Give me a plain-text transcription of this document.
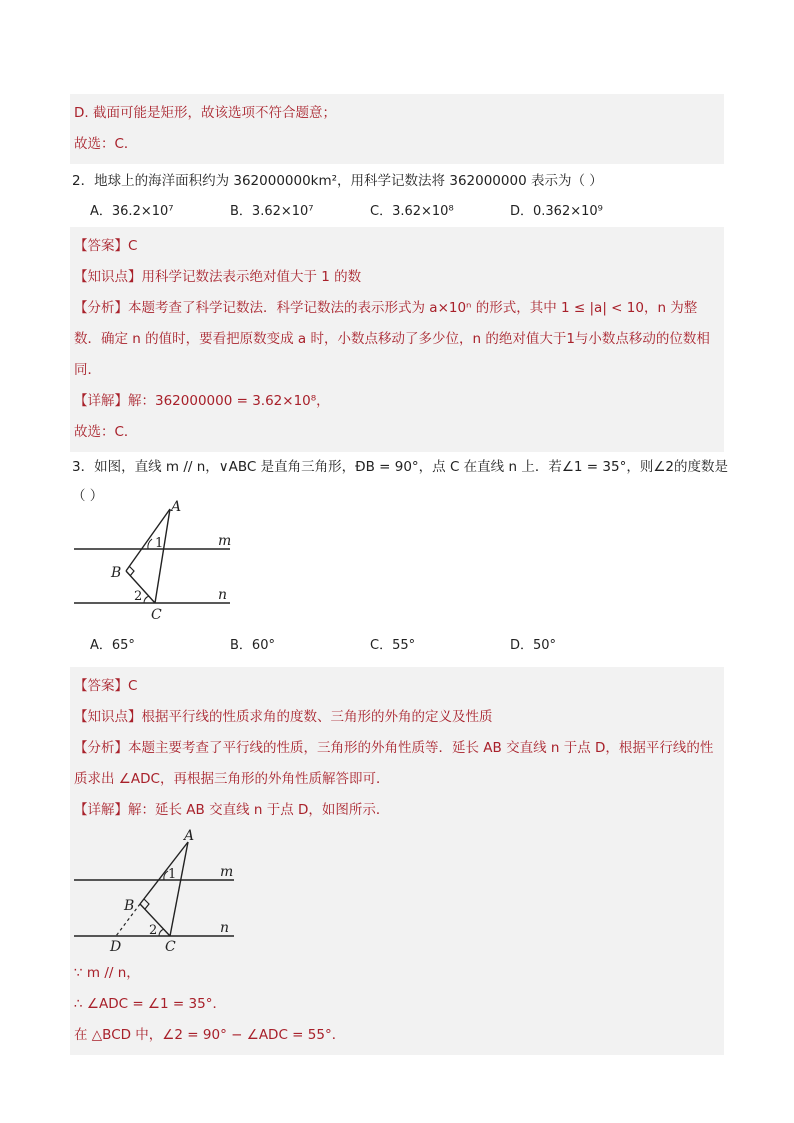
D. 截面可能是矩形，故该选项不符合题意；
故选：C．
2．地球上的海洋面积约为 362000000km²，用科学记数法将 362000000 表示为（ ）
A．36.2×10⁷	B．3.62×10⁷	C．3.62×10⁸	D．0.362×10⁹
【答案】C
【知识点】用科学记数法表示绝对值大于 1 的数
【分析】本题考查了科学记数法．科学记数法的表示形式为 a×10ⁿ 的形式，其中 1 ≤ |a| < 10，n 为整数．确定 n 的值时，要看把原数变成 a 时，小数点移动了多少位，n 的绝对值大于1与小数点移动的位数相同．
【详解】解：362000000 = 3.62×10⁸，
故选：C．
3．如图，直线 m // n，∨ABC 是直角三角形，ÐB = 90°，点 C 在直线 n 上．若∠1 = 35°，则∠2的度数是
（ ）
A
B
C
m
n
1
2
A．65°	B．60°	C．55°	D．50°
【答案】C
【知识点】根据平行线的性质求角的度数、三角形的外角的定义及性质
【分析】本题主要考查了平行线的性质，三角形的外角性质等．延长 AB 交直线 n 于点 D，根据平行线的性质求出 ∠ADC，再根据三角形的外角性质解答即可．
【详解】解：延长 AB 交直线 n 于点 D，如图所示．
A
B
C
D
m
n
1
2
∵ m // n，
∴ ∠ADC = ∠1 = 35°．
在 △BCD 中，∠2 = 90° − ∠ADC = 55°．
